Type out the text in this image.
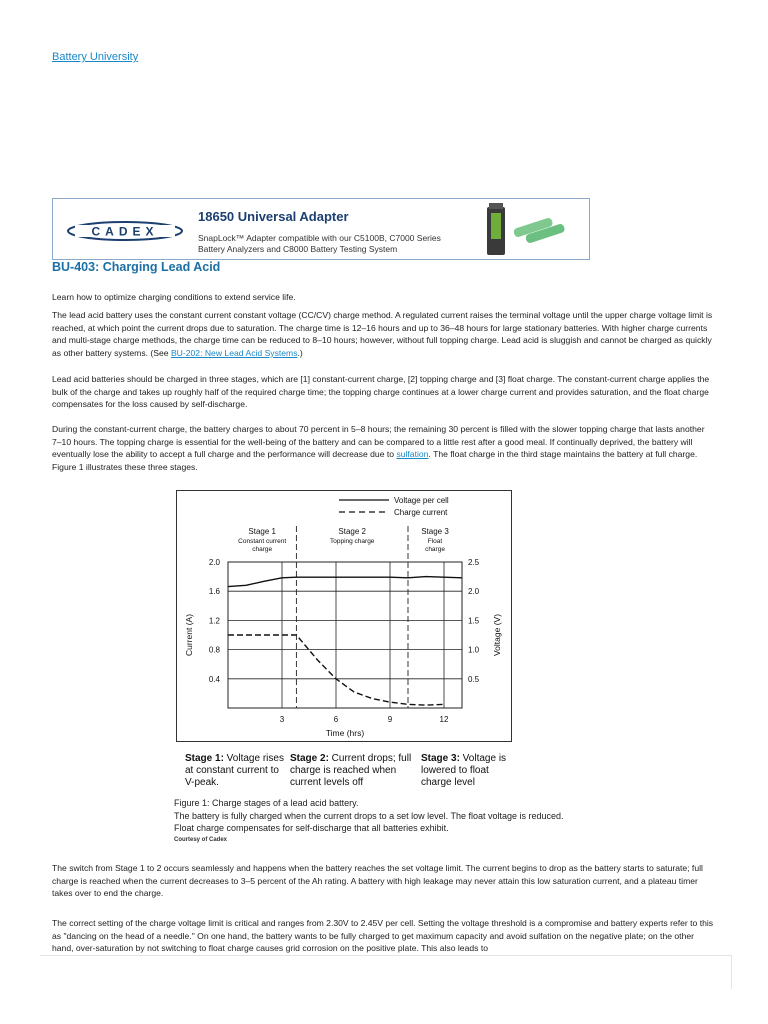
Battery University
CADEX
18650 Universal Adapter
SnapLock™ Adapter compatible with our C5100B, C7000 Series Battery Analyzers and C8000 Battery Testing System
BU-403: Charging Lead Acid

Learn how to optimize charging conditions to extend service life.

The lead acid battery uses the constant current constant voltage (CC/CV) charge method. A regulated current raises the terminal voltage until the upper charge voltage limit is reached, at which point the current drops due to saturation. The charge time is 12–16 hours and up to 36–48 hours for large stationary batteries. With higher charge currents and multi-stage charge methods, the charge time can be reduced to 8–10 hours; however, without full topping charge. Lead acid is sluggish and cannot be charged as quickly as other battery systems. (See BU-202: New Lead Acid Systems.)

Lead acid batteries should be charged in three stages, which are [1] constant-current charge, [2] topping charge and [3] float charge. The constant-current charge applies the bulk of the charge and takes up roughly half of the required charge time; the topping charge continues at a lower charge current and provides saturation, and the float charge compensates for the loss caused by self-discharge.

During the constant-current charge, the battery charges to about 70 percent in 5–8 hours; the remaining 30 percent is filled with the slower topping charge that lasts another 7–10 hours. The topping charge is essential for the well-being of the battery and can be compared to a little rest after a good meal. If continually deprived, the battery will eventually lose the ability to accept a full charge and the performance will decrease due to sulfation. The float charge in the third stage maintains the battery at full charge. Figure 1 illustrates these three stages.

Voltage per cell
Charge current
Stage 1
Constant current
charge
Stage 2
Topping charge
Stage 3
Float
charge
0.4
0.8
1.2
1.6
2.0
0.5
1.0
1.5
2.0
2.5
3	6	9	12
Time (hrs)
Current (A)	Voltage (V)
Stage 1: Voltage rises at constant current to V-peak.
Stage 2: Current drops; full charge is reached when current levels off
Stage 3: Voltage is lowered to float charge level
Figure 1: Charge stages of a lead acid battery.
The battery is fully charged when the current drops to a set low level. The float voltage is reduced.
Float charge compensates for self-discharge that all batteries exhibit.
Courtesy of Cadex

The switch from Stage 1 to 2 occurs seamlessly and happens when the battery reaches the set voltage limit. The current begins to drop as the battery starts to saturate; full charge is reached when the current decreases to 3–5 percent of the Ah rating. A battery with high leakage may never attain this low saturation current, and a plateau timer takes over to end the charge.

The correct setting of the charge voltage limit is critical and ranges from 2.30V to 2.45V per cell. Setting the voltage threshold is a compromise and battery experts refer to this as "dancing on the head of a needle." On one hand, the battery wants to be fully charged to get maximum capacity and avoid sulfation on the negative plate; on the other hand, over-saturation by not switching to float charge causes grid corrosion on the positive plate. This also leads to
